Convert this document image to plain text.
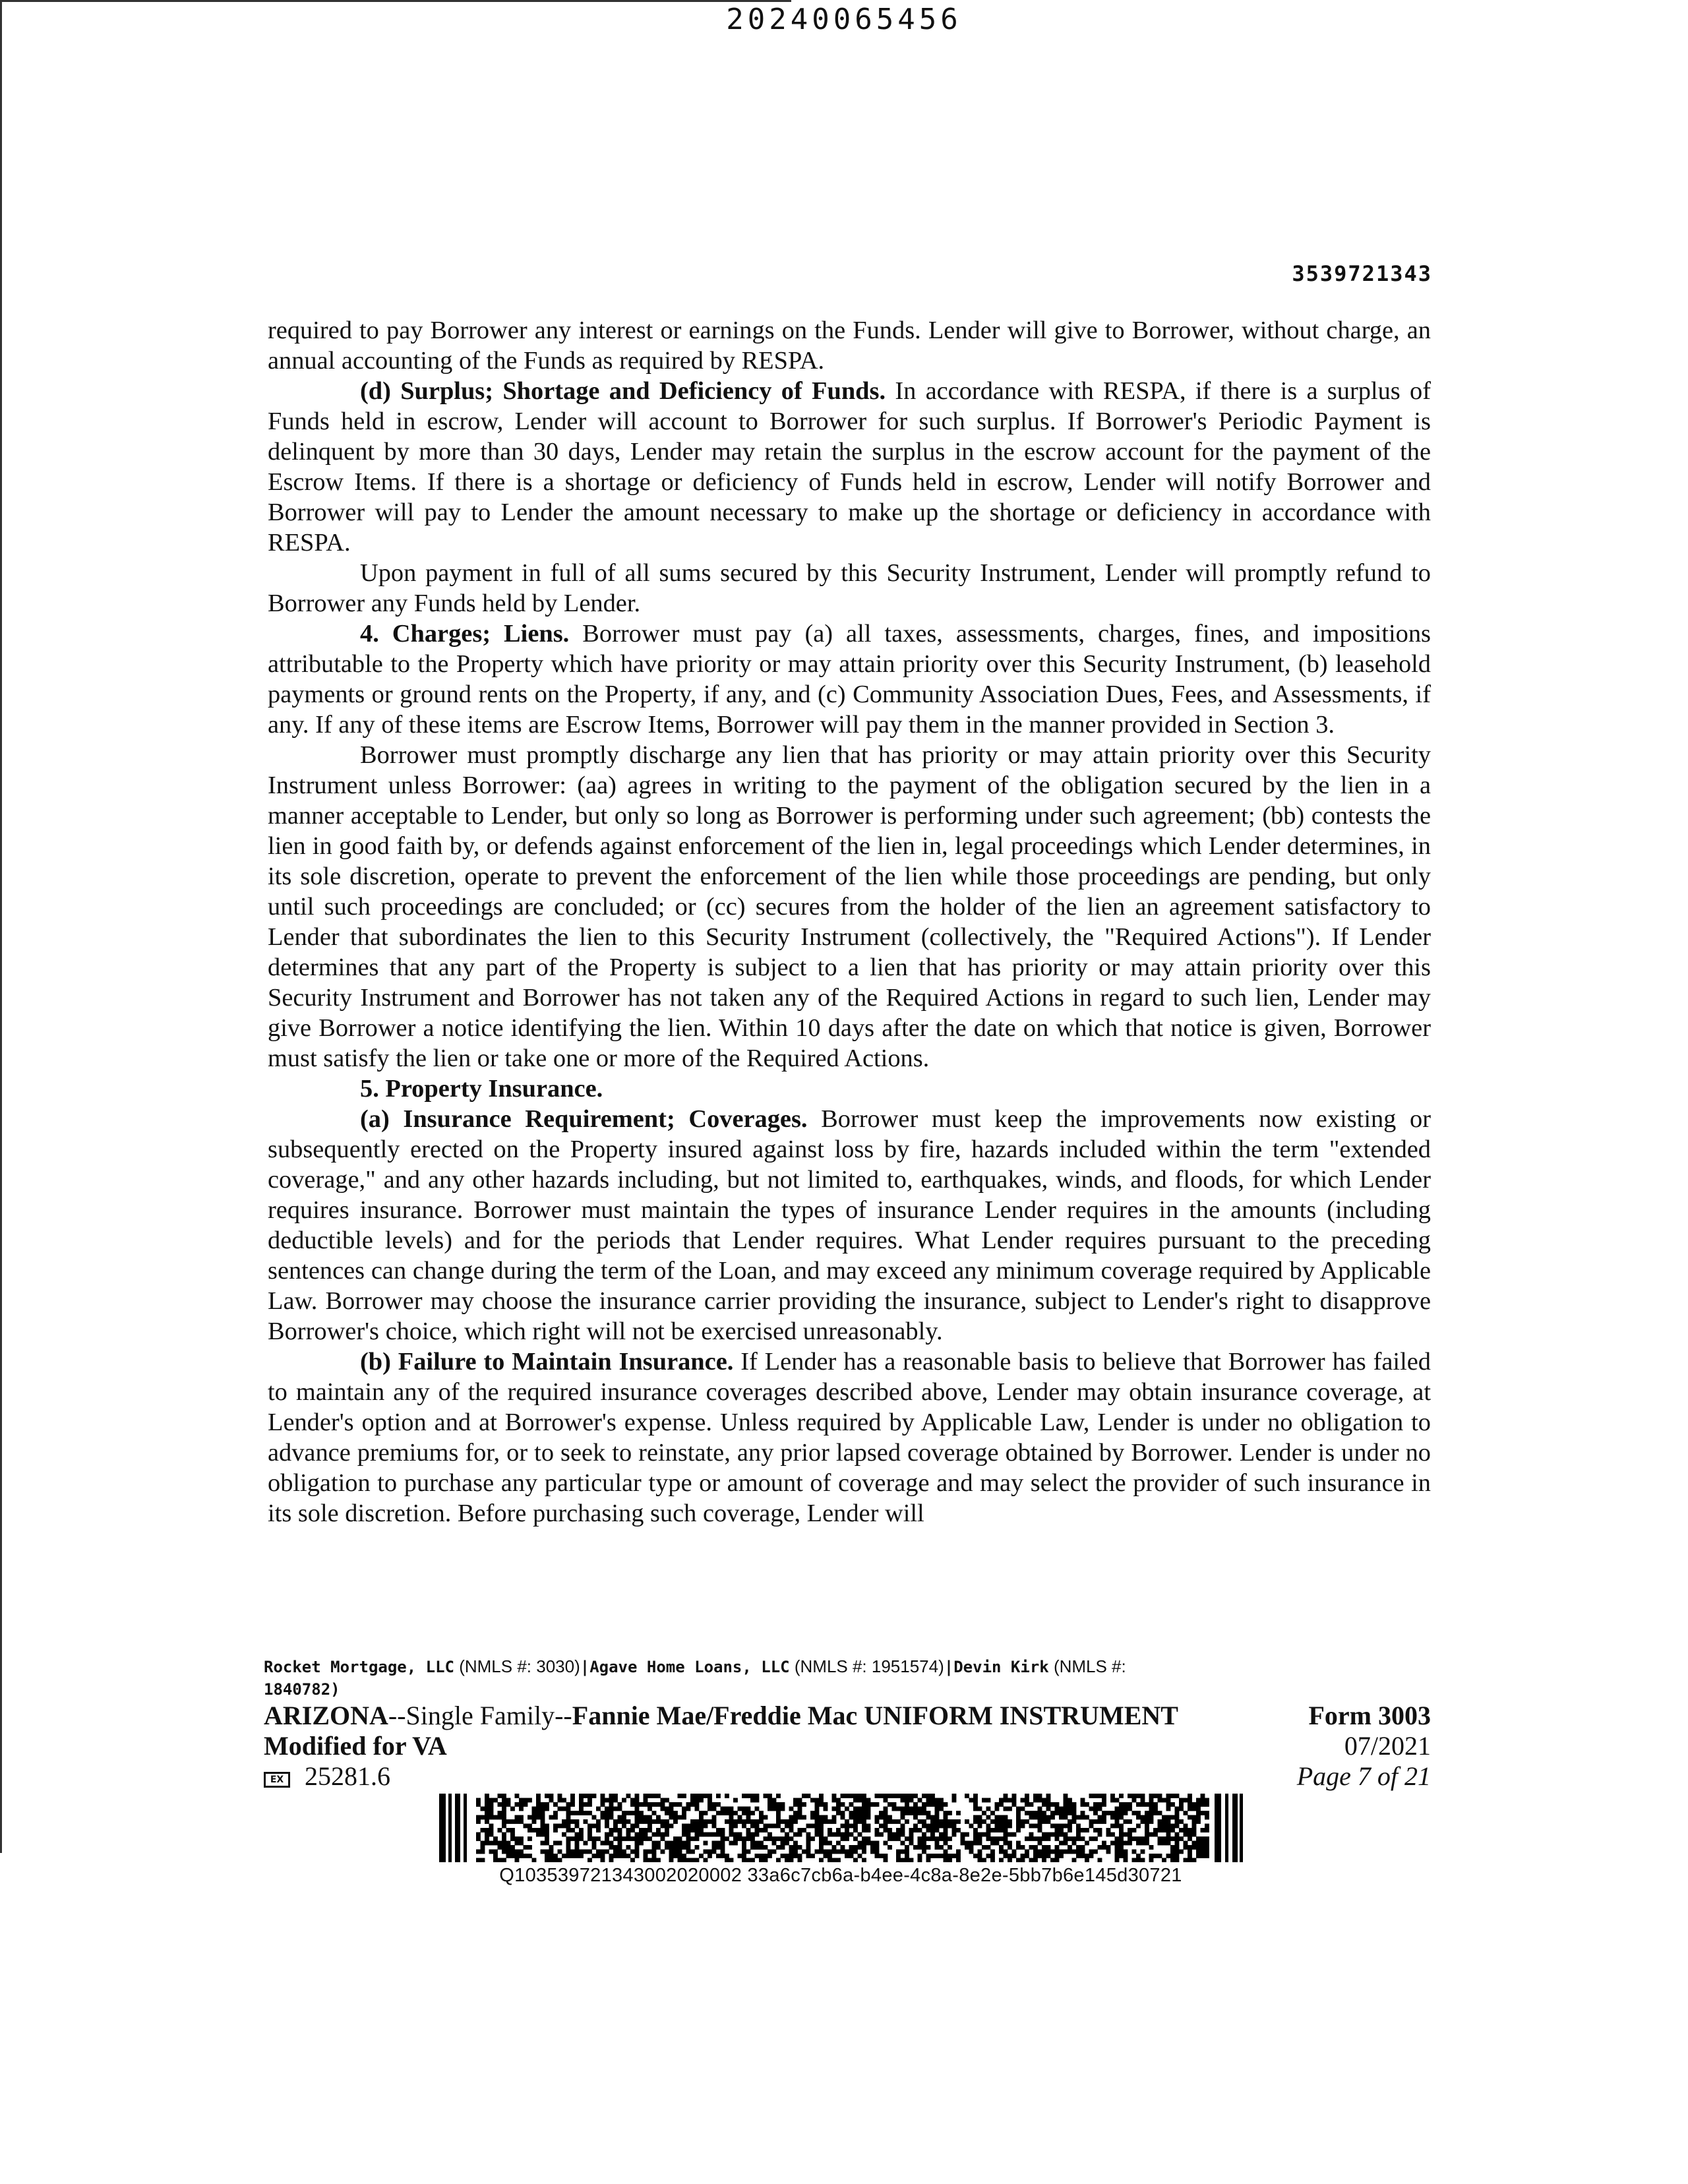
20240065456
3539721343

required to pay Borrower any interest or earnings on the Funds. Lender will give to Borrower, without charge, an annual accounting of the Funds as required by RESPA.

(d) Surplus; Shortage and Deficiency of Funds. In accordance with RESPA, if there is a surplus of Funds held in escrow, Lender will account to Borrower for such surplus. If Borrower's Periodic Payment is delinquent by more than 30 days, Lender may retain the surplus in the escrow account for the payment of the Escrow Items. If there is a shortage or deficiency of Funds held in escrow, Lender will notify Borrower and Borrower will pay to Lender the amount necessary to make up the shortage or deficiency in accordance with RESPA.

Upon payment in full of all sums secured by this Security Instrument, Lender will promptly refund to Borrower any Funds held by Lender.

4. Charges; Liens. Borrower must pay (a) all taxes, assessments, charges, fines, and impositions attributable to the Property which have priority or may attain priority over this Security Instrument, (b) leasehold payments or ground rents on the Property, if any, and (c) Community Association Dues, Fees, and Assessments, if any. If any of these items are Escrow Items, Borrower will pay them in the manner provided in Section 3.

Borrower must promptly discharge any lien that has priority or may attain priority over this Security Instrument unless Borrower: (aa) agrees in writing to the payment of the obligation secured by the lien in a manner acceptable to Lender, but only so long as Borrower is performing under such agreement; (bb) contests the lien in good faith by, or defends against enforcement of the lien in, legal proceedings which Lender determines, in its sole discretion, operate to prevent the enforcement of the lien while those proceedings are pending, but only until such proceedings are concluded; or (cc) secures from the holder of the lien an agreement satisfactory to Lender that subordinates the lien to this Security Instrument (collectively, the "Required Actions"). If Lender determines that any part of the Property is subject to a lien that has priority or may attain priority over this Security Instrument and Borrower has not taken any of the Required Actions in regard to such lien, Lender may give Borrower a notice identifying the lien. Within 10 days after the date on which that notice is given, Borrower must satisfy the lien or take one or more of the Required Actions.

5. Property Insurance.

(a) Insurance Requirement; Coverages. Borrower must keep the improvements now existing or subsequently erected on the Property insured against loss by fire, hazards included within the term "extended coverage," and any other hazards including, but not limited to, earthquakes, winds, and floods, for which Lender requires insurance. Borrower must maintain the types of insurance Lender requires in the amounts (including deductible levels) and for the periods that Lender requires. What Lender requires pursuant to the preceding sentences can change during the term of the Loan, and may exceed any minimum coverage required by Applicable Law. Borrower may choose the insurance carrier providing the insurance, subject to Lender's right to disapprove Borrower's choice, which right will not be exercised unreasonably.

(b) Failure to Maintain Insurance. If Lender has a reasonable basis to believe that Borrower has failed to maintain any of the required insurance coverages described above, Lender may obtain insurance coverage, at Lender's option and at Borrower's expense. Unless required by Applicable Law, Lender is under no obligation to advance premiums for, or to seek to reinstate, any prior lapsed coverage obtained by Borrower. Lender is under no obligation to purchase any particular type or amount of coverage and may select the provider of such insurance in its sole discretion. Before purchasing such coverage, Lender will

Rocket Mortgage, LLC (NMLS #: 3030)|Agave Home Loans, LLC (NMLS #: 1951574)|Devin Kirk (NMLS #:
1840782)
ARIZONA--Single Family--Fannie Mae/Freddie Mac UNIFORM INSTRUMENT
Modified for VA
EX 25281.6
Form 3003
07/2021
Page 7 of 21
Q103539721343002020002 33a6c7cb6a-b4ee-4c8a-8e2e-5bb7b6e145d30721
